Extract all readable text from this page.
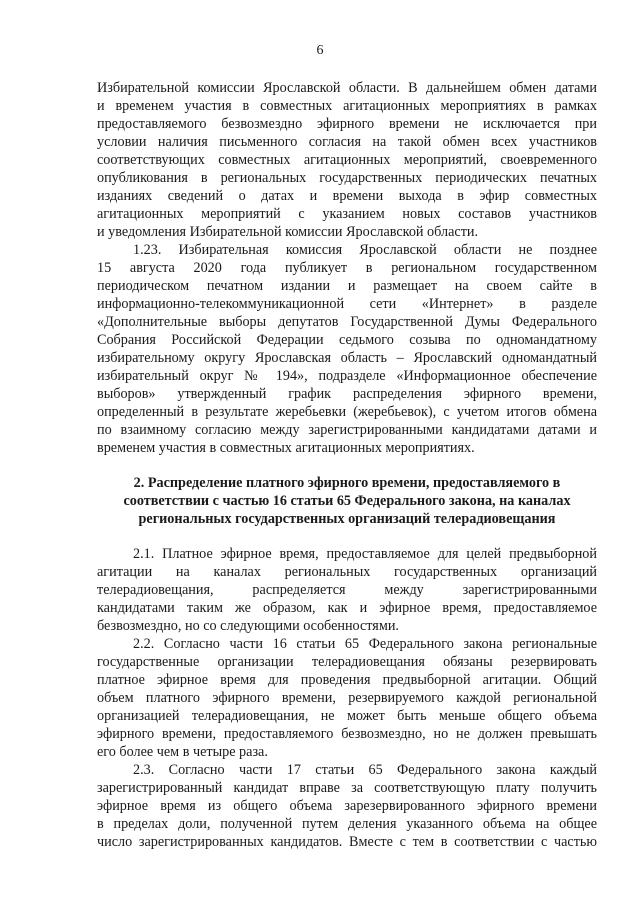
6
Избирательной комиссии Ярославской области. В дальнейшем обмен датами
и временем участия в совместных агитационных мероприятиях в рамках
предоставляемого безвозмездно эфирного времени не исключается при
условии наличия письменного согласия на такой обмен всех участников
соответствующих совместных агитационных мероприятий, своевременного
опубликования в региональных государственных периодических печатных
изданиях сведений о датах и времени выхода в эфир совместных
агитационных мероприятий с указанием новых составов участников
и уведомления Избирательной комиссии Ярославской области.
1.23. Избирательная комиссия Ярославской области не позднее
15 августа 2020 года публикует в региональном государственном
периодическом печатном издании и размещает на своем сайте в
информационно-телекоммуникационной сети «Интернет» в разделе
«Дополнительные выборы депутатов Государственной Думы Федерального
Собрания Российской Федерации седьмого созыва по одномандатному
избирательному округу Ярославская область – Ярославский одномандатный
избирательный округ № 194», подразделе «Информационное обеспечение
выборов» утвержденный график распределения эфирного времени,
определенный в результате жеребьевки (жеребьевок), с учетом итогов обмена
по взаимному согласию между зарегистрированными кандидатами датами и
временем участия в совместных агитационных мероприятиях.
2. Распределение платного эфирного времени, предоставляемого в
соответствии с частью 16 статьи 65 Федерального закона, на каналах
региональных государственных организаций телерадиовещания
2.1. Платное эфирное время, предоставляемое для целей предвыборной
агитации на каналах региональных государственных организаций
телерадиовещания, распределяется между зарегистрированными
кандидатами таким же образом, как и эфирное время, предоставляемое
безвозмездно, но со следующими особенностями.
2.2. Согласно части 16 статьи 65 Федерального закона региональные
государственные организации телерадиовещания обязаны резервировать
платное эфирное время для проведения предвыборной агитации. Общий
объем платного эфирного времени, резервируемого каждой региональной
организацией телерадиовещания, не может быть меньше общего объема
эфирного времени, предоставляемого безвозмездно, но не должен превышать
его более чем в четыре раза.
2.3. Согласно части 17 статьи 65 Федерального закона каждый
зарегистрированный кандидат вправе за соответствующую плату получить
эфирное время из общего объема зарезервированного эфирного времени
в пределах доли, полученной путем деления указанного объема на общее
число зарегистрированных кандидатов. Вместе с тем в соответствии с частью
